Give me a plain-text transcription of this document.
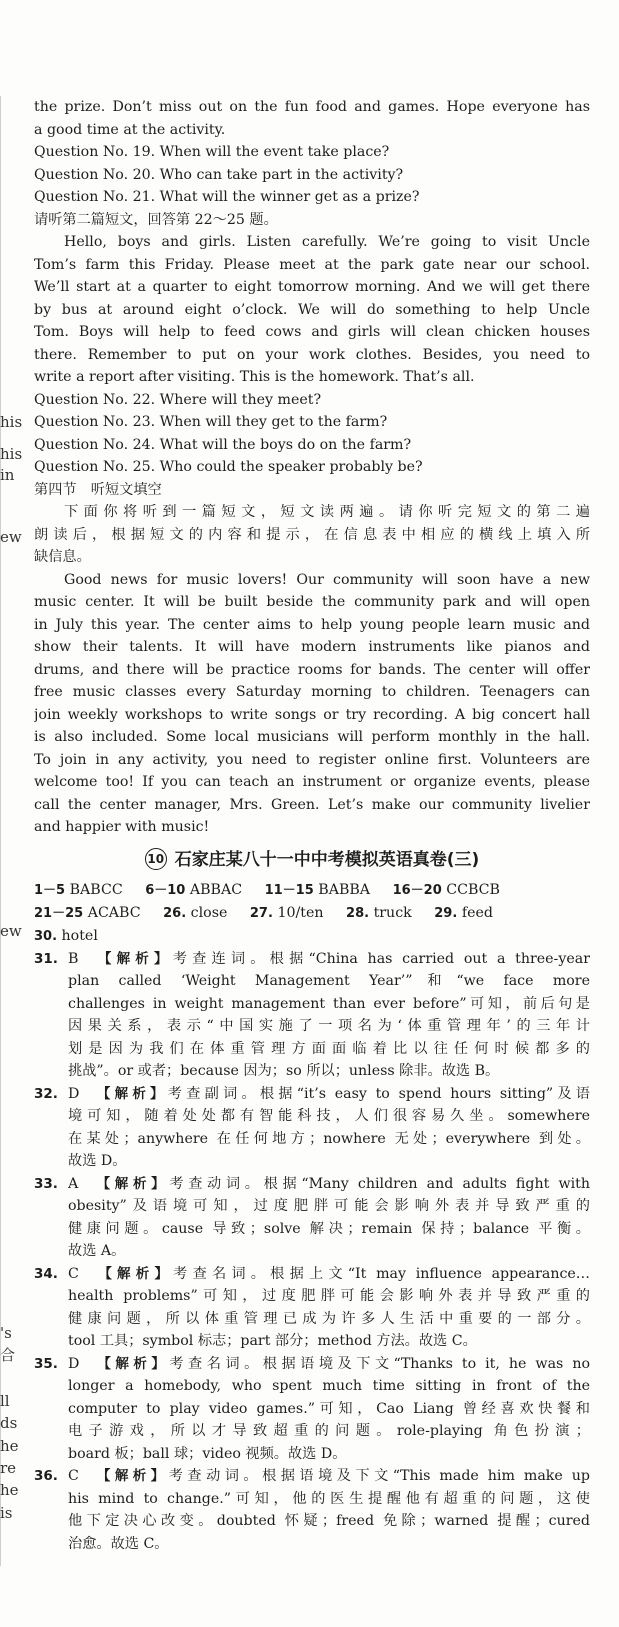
his
his
in
ew
ew
's
合
ll
ds
he
re
he
is
the prize. Don’t miss out on the fun food and games. Hope everyone has
a good time at the activity.
Question No. 19. When will the event take place?
Question No. 20. Who can take part in the activity?
Question No. 21. What will the winner get as a prize?
请听第二篇短文，回答第 22～25 题。
Hello, boys and girls. Listen carefully. We’re going to visit Uncle
Tom’s farm this Friday. Please meet at the park gate near our school.
We’ll start at a quarter to eight tomorrow morning. And we will get there
by bus at around eight o’clock. We will do something to help Uncle
Tom. Boys will help to feed cows and girls will clean chicken houses
there. Remember to put on your work clothes. Besides, you need to
write a report after visiting. This is the homework. That’s all.
Question No. 22. Where will they meet?
Question No. 23. When will they get to the farm?
Question No. 24. What will the boys do on the farm?
Question No. 25. Who could the speaker probably be?
第四节　听短文填空
下面你将听到一篇短文，短文读两遍。请你听完短文的第二遍
朗读后，根据短文的内容和提示，在信息表中相应的横线上填入所
缺信息。
Good news for music lovers! Our community will soon have a new
music center. It will be built beside the community park and will open
in July this year. The center aims to help young people learn music and
show their talents. It will have modern instruments like pianos and
drums, and there will be practice rooms for bands. The center will offer
free music classes every Saturday morning to children. Teenagers can
join weekly workshops to write songs or try recording. A big concert hall
is also included. Some local musicians will perform monthly in the hall.
To join in any activity, you need to register online first. Volunteers are
welcome too! If you can teach an instrument or organize events, please
call the center manager, Mrs. Green. Let’s make our community livelier
and happier with music!
10 石家庄某八十一中中考模拟英语真卷(三)
1－5 BABCC 6－10 ABBAC 11－15 BABBA 16－20 CCBCB
21－25 ACABC 26. close 27. 10/ten 28. truck 29. feed
30. hotel
31. B 【解析】考查连词。根据“China has carried out a three-year
plan called ‘Weight Management Year’”和“we face more
challenges in weight management than ever before”可知，前后句是
因果关系，表示“中国实施了一项名为‘体重管理年’的三年计
划是因为我们在体重管理方面面临着比以往任何时候都多的
挑战”。or 或者；because 因为；so 所以；unless 除非。故选 B。
32. D 【解析】考查副词。根据“it’s easy to spend hours sitting”及语
境可知，随着处处都有智能科技，人们很容易久坐。somewhere
在某处；anywhere 在任何地方；nowhere 无处；everywhere 到处。
故选 D。
33. A 【解析】考查动词。根据“Many children and adults fight with
obesity”及语境可知，过度肥胖可能会影响外表并导致严重的
健康问题。cause 导致；solve 解决；remain 保持；balance 平衡。
故选 A。
34. C 【解析】考查名词。根据上文“It may influence appearance…
health problems”可知，过度肥胖可能会影响外表并导致严重的
健康问题，所以体重管理已成为许多人生活中重要的一部分。
tool 工具；symbol 标志；part 部分；method 方法。故选 C。
35. D 【解析】考查名词。根据语境及下文“Thanks to it, he was no
longer a homebody, who spent much time sitting in front of the
computer to play video games.”可知，Cao Liang 曾经喜欢快餐和
电子游戏，所以才导致超重的问题。role-playing 角色扮演；
board 板；ball 球；video 视频。故选 D。
36. C 【解析】考查动词。根据语境及下文“This made him make up
his mind to change.”可知，他的医生提醒他有超重的问题，这使
他下定决心改变。doubted 怀疑；freed 免除；warned 提醒；cured
治愈。故选 C。
